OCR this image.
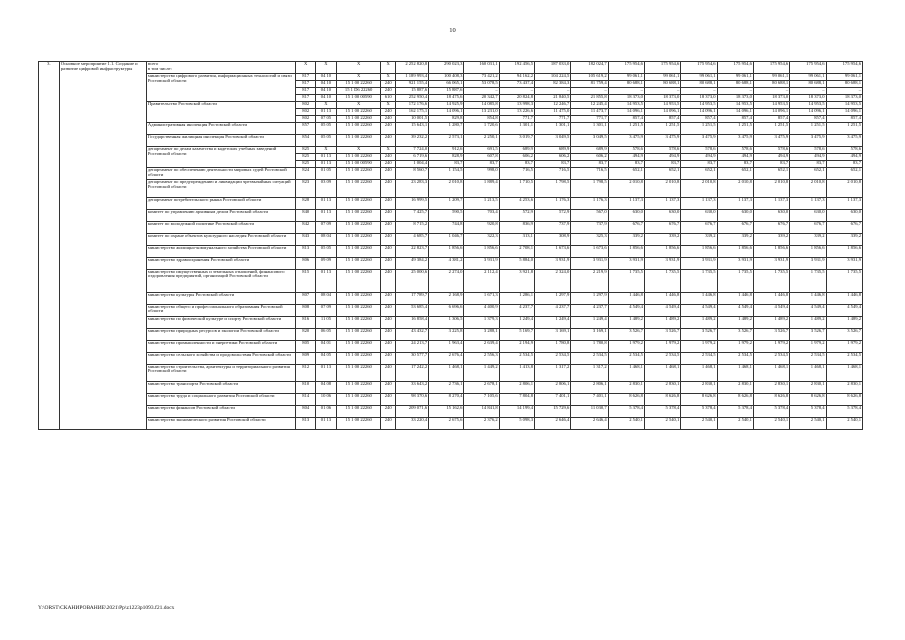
10
3.	Основное мероприятие 1.1. Создание и развитие цифровой инфраструктуры	всего
в том числе:	X	X	X	X	2 252 820,8	290 023,3	160 031,1	192 456,5	187 033,0	182 024,7	175 954,6	175 954,6	175 954,6	175 954,6	175 954,6	175 954,6	175 954,6
		министерство цифрового развития, информационных технологий и связи Ростовской области	817	04 10	X	X	1 189 993,4	100 408,3	73 421,2	94 162,2	104 224,5	105 619,2	99 061,1	99 061,1	99 061,1	99 061,1	99 061,1	99 061,1	99 061,1
			817	04 10	15 1 00 22260	240	921 155,4	66 065,1	53 078,5	73 437,4	82 384,3	81 759,4	80 688,1	80 688,1	80 688,1	80 688,1	80 688,1	80 688,1	80 688,1
			817	04 10	15 1 D6 22260	240	15 887,6	15 887,6	–	–	–	–	–	–	–	–	–	–	–
			817	04 10	15 1 00 00590	610	252 950,4	18 475,6	20 342,7	20 824,8	21 840,5	21 855,8	18 373,0	18 373,0	18 373,0	18 373,0	18 373,0	18 373,0	18 373,0
		Правительство Ростовской области	802	X	X	X	172 176,6	14 925,9	14 085,8	13 998,3	12 246,7	12 245,4	14 953,5	14 953,5	14 953,5	14 953,5	14 953,5	14 953,5	14 953,5
			802	01 13	15 1 00 22260	240	162 175,1	14 096,1	13 231,0	13 226,6	11 475,0	11 473,7	14 096,1	14 096,1	14 096,1	14 096,1	14 096,1	14 096,1	14 096,1
			802	07 05	15 1 00 22260	240	10 001,5	829,8	854,8	771,7	771,7	771,7	857,4	857,4	857,4	857,4	857,4	857,4	857,4
		Административная инспекция Ростовской области	857	05 05	15 1 00 22260	240	15 643,1	1 280,7	1 720,6	1 301,1	1 301,1	1 301,1	1 251,5	1 251,5	1 251,5	1 251,5	1 251,5	1 251,5	1 251,5
		Государственная жилищная инспекция Ростовской области	854	05 05	15 1 00 22260	240	39 232,2	2 573,1	2 250,1	3 019,7	3 049,5	3 049,5	3 475,9	3 475,9	3 475,9	3 475,9	3 475,9	3 475,9	3 475,9
		департамент по делам казачества и кадетских учебных заведений Ростовской области	825	X	X	X	7 724,0	912,6	691,5	689,9	689,9	689,9	578,6	578,6	578,6	578,6	578,6	578,6	578,6
			825	01 13	15 1 00 22260	240	6 719,6	828,9	607,8	606,2	606,2	606,2	494,9	494,9	494,9	494,9	494,9	494,9	494,9
			825	01 13	15 1 00 00590	240	1 004,4	83,7	83,7	83,7	83,7	83,7	83,7	83,7	83,7	83,7	83,7	83,7	83,7
		департамент по обеспечению деятельности мировых судей Ростовской области	824	01 05	15 1 00 22260	240	8 560,7	1 154,5	998,0	716,5	716,5	716,5	652,1	652,1	652,1	652,1	652,1	652,1	652,1
		департамент по предупреждению и ликвидации чрезвычайных ситуаций Ростовской области	823	03 09	15 1 00 22260	240	23 283,3	2 010,8	1 889,4	1 710,5	1 798,5	1 798,5	2 010,8	2 010,8	2 010,8	2 010,8	2 010,8	2 010,8	2 010,8
		департамент потребительского рынка Ростовской области	828	01 13	15 1 00 22260	240	16 999,5	1 209,7	1 213,5	4 253,6	1 176,3	1 176,3	1 137,3	1 137,3	1 137,3	1 137,3	1 137,3	1 137,3	1 137,3
		комитет по управлению архивным делом Ростовской области	840	01 13	15 1 00 22260	240	7 425,7	590,5	703,4	572,9	572,9	567,0	630,0	630,0	630,0	630,0	630,0	630,0	630,0
		комитет по молодежной политике Ростовской области	842	07 09	15 1 00 22260	240	8 715,2	744,8	920,8	836,9	737,9	737,9	676,7	676,7	676,7	676,7	676,7	676,7	676,7
		комитет по охране объектов культурного наследия Ростовской области	843	08 04	15 1 00 22260	240	4 685,7	1 046,7	322,3	313,1	308,9	325,3	339,2	339,2	339,2	339,2	339,2	339,2	339,2
		министерство жилищно-коммунального хозяйства Ростовской области	813	05 05	15 1 00 22260	240	22 823,7	1 856,6	1 856,6	2 708,1	1 673,6	1 673,6	1 856,6	1 856,6	1 856,6	1 856,6	1 856,6	1 856,6	1 856,6
		министерство здравоохранения Ростовской области	806	09 09	15 1 00 22260	240	49 384,2	4 381,2	3 931,9	5 884,0	3 931,9	3 931,9	3 931,9	3 931,9	3 931,9	3 931,9	3 931,9	3 931,9	3 931,9
		министерство имущественных и земельных отношений, финансового оздоровления предприятий, организаций Ростовской области	815	01 13	15 1 00 22260	240	25 000,6	2 274,0	2 112,4	3 921,8	2 324,0	2 219,9	1 735,5	1 735,5	1 735,5	1 735,5	1 735,5	1 735,5	1 735,5
		министерство культуры Ростовской области	807	08 04	15 1 00 22260	240	17 789,7	2 168,9	1 671,3	1 286,1	1 297,9	1 297,9	1 446,8	1 446,8	1 446,8	1 446,8	1 446,8	1 446,8	1 446,8
		министерство общего и профессионального образования Ростовской области	808	07 09	15 1 00 22260	240	53 685,4	6 696,6	4 400,9	4 237,7	4 237,7	4 237,7	4 549,4	4 549,4	4 549,4	4 549,4	4 549,4	4 549,4	4 549,4
		министерство по физической культуре и спорту Ростовской области	816	11 05	15 1 00 22260	240	16 858,4	1 306,5	1 379,3	1 249,4	1 249,4	1 249,4	1 489,2	1 489,2	1 489,2	1 489,2	1 489,2	1 489,2	1 489,2
		министерство природных ресурсов и экологии Ростовской области	820	06 05	15 1 00 22260	240	43 432,7	3 225,8	3 288,1	5 169,7	3 169,1	3 169,1	3 526,7	3 526,7	3 526,7	3 526,7	3 526,7	3 526,7	3 526,7
		министерство промышленности и энергетики Ростовской области	805	04 01	15 1 00 22260	240	24 213,7	1 963,4	2 639,4	2 194,9	1 780,8	1 780,8	1 979,2	1 979,2	1 979,2	1 979,2	1 979,2	1 979,2	1 979,2
		министерство сельского хозяйства и продовольствия Ростовской области	809	04 05	15 1 00 22260	240	30 577,7	2 676,4	2 556,3	2 534,5	2 534,5	2 534,5	2 534,5	2 534,5	2 534,5	2 534,5	2 534,5	2 534,5	2 534,5
		министерство строительства, архитектуры и территориального развития Ростовской области	812	01 13	15 1 00 22260	240	17 242,2	1 468,1	1 449,2	1 413,8	1 317,2	1 317,2	1 468,1	1 468,1	1 468,1	1 468,1	1 468,1	1 468,1	1 468,1
		министерство транспорта Ростовской области	810	04 08	15 1 00 22260	240	33 643,2	2 736,1	2 678,1	2 806,1	2 806,1	2 806,1	2 830,1	2 830,1	2 830,1	2 830,1	2 830,1	2 830,1	2 830,1
		министерство труда и социального развития Ростовской области	814	10 06	15 1 00 22260	240	98 370,6	8 270,4	7 105,6	7 804,8	7 401,1	7 401,1	8 626,8	8 626,8	8 626,8	8 626,8	8 626,8	8 626,8	8 626,8
		министерство финансов Ростовской области	804	01 06	15 1 00 22260	240	209 071,6	15 162,6	14 841,8	14 199,4	15 729,6	11 030,7	5 378,4	5 378,4	5 378,4	5 378,4	5 378,4	5 378,4	5 378,4
		министерство экономического развития Ростовской области	813	01 13	15 1 00 22260	240	33 220,4	2 675,6	2 376,2	5 098,3	2 646,4	2 646,4	2 540,1	2 540,1	2 540,1	2 540,1	2 540,1	2 540,1	2 540,1
Y:\ORST\СКАНИРОВАНИЕ\2021\Pp\z1223p1093.f21.docx
